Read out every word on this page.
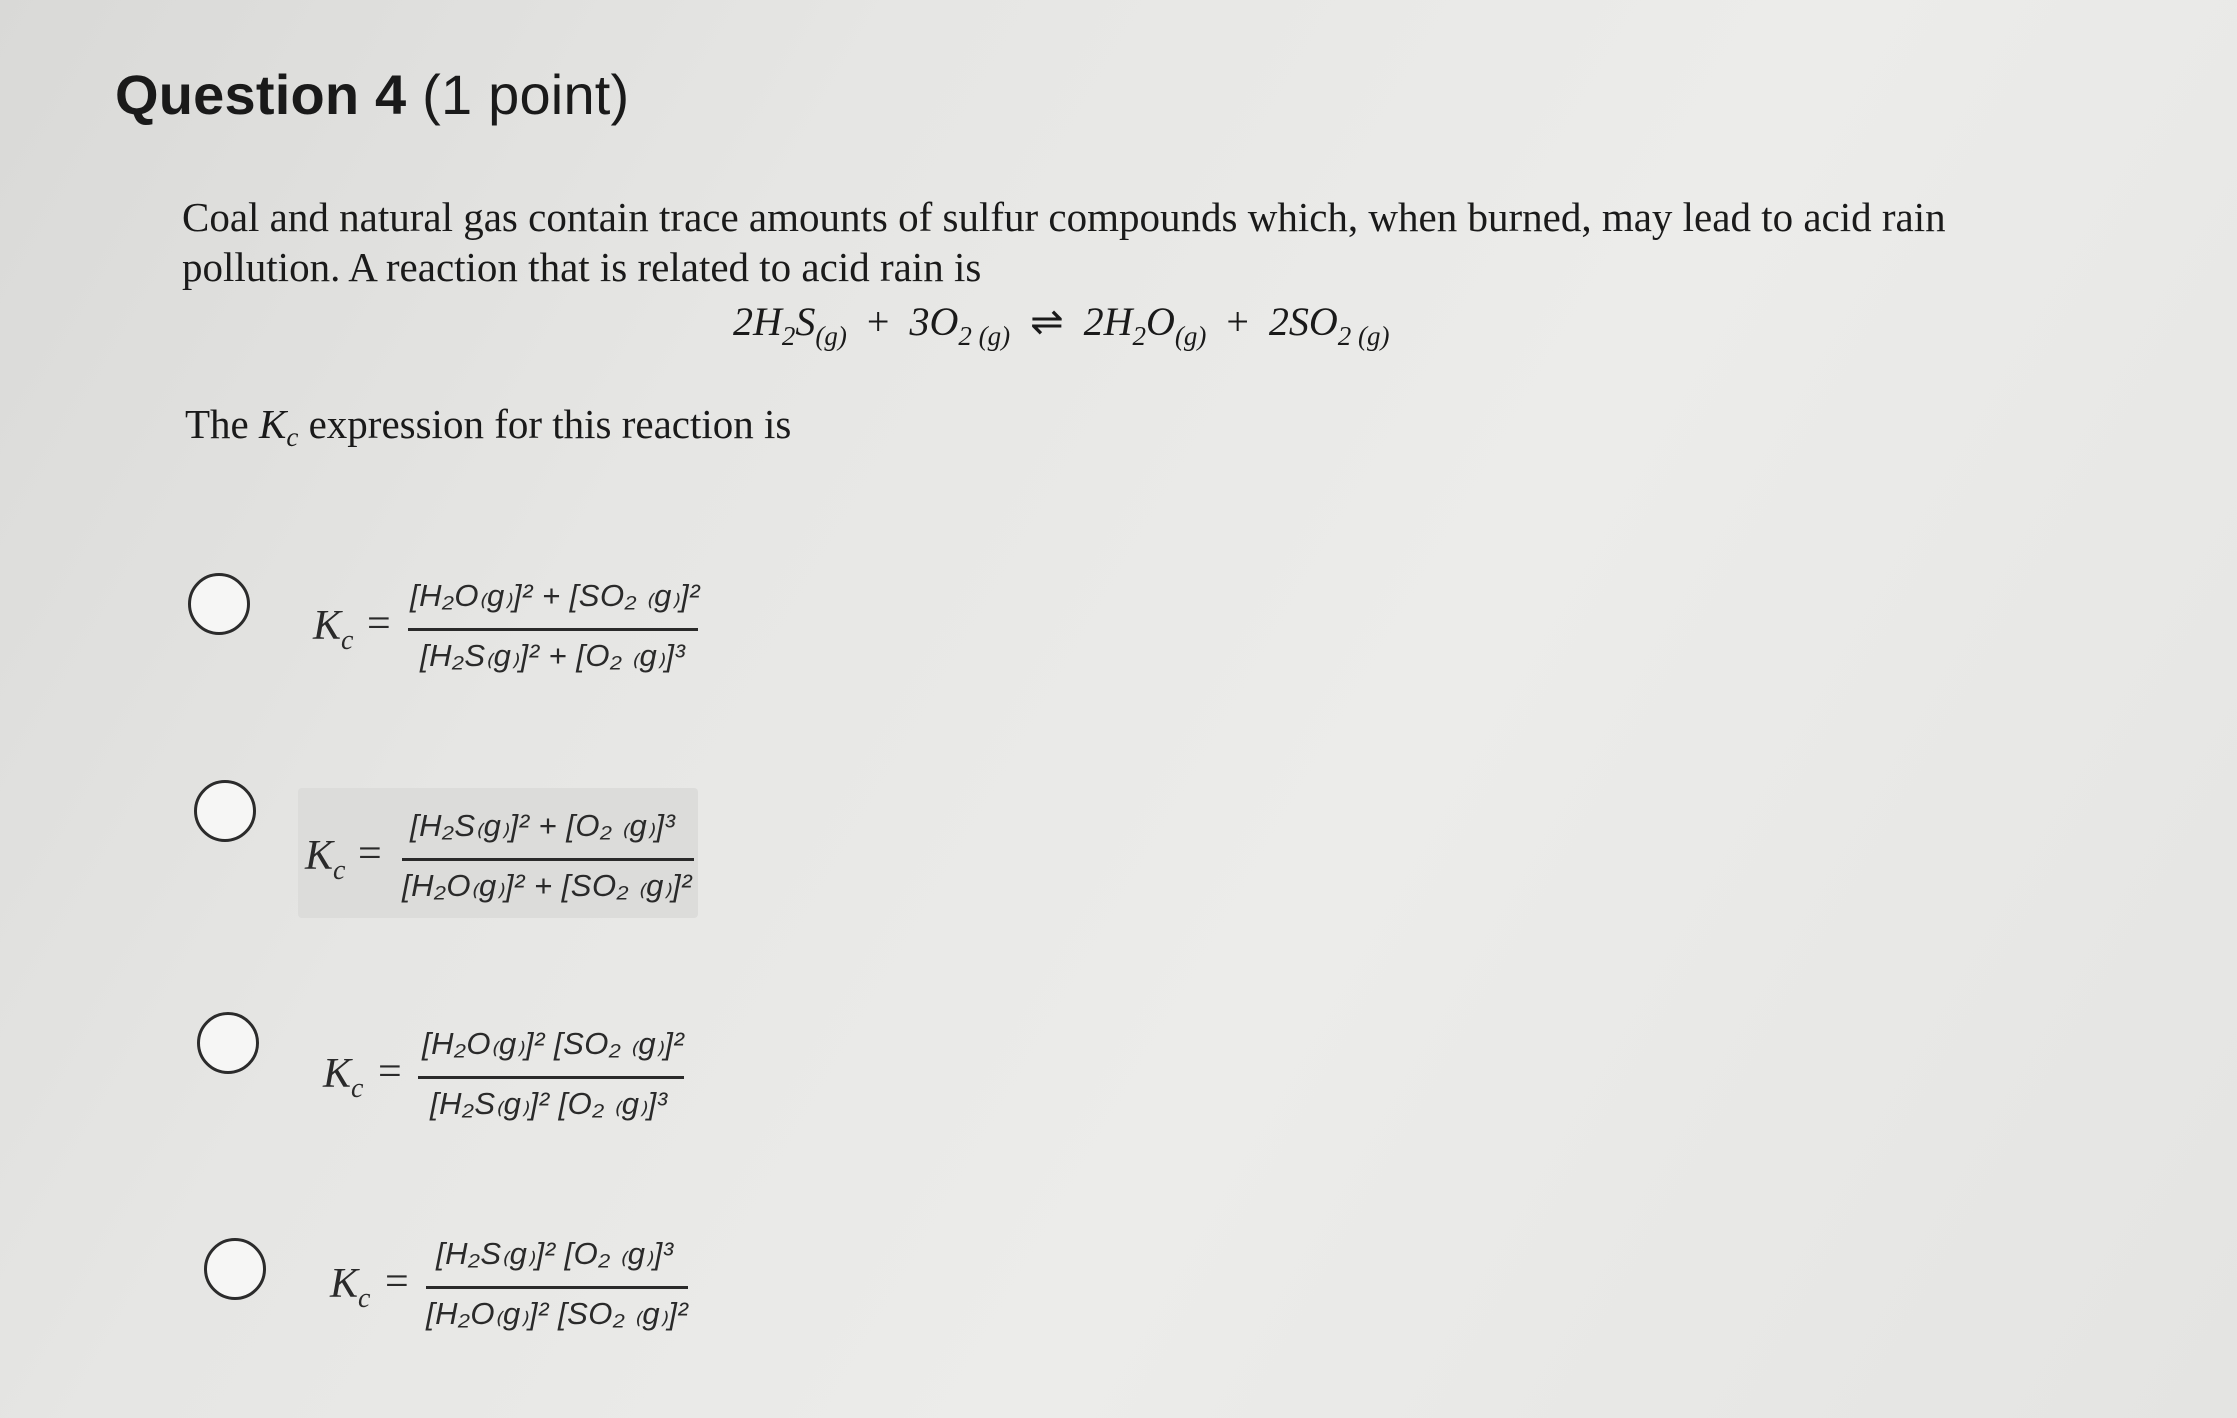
Question 4 (1 point)
Coal and natural gas contain trace amounts of sulfur compounds which, when burned, may lead to acid rain
pollution. A reaction that is related to acid rain is
$2H_2S_{(g)} + 3O_{2 (g)}$ ⇌ $2H_2O_{(g)} + 2SO_{2 (g)}$
The $K_c$ expression for this reaction is
$K_c$ =
[H₂O₍g₎]² + [SO₂ ₍g₎]²
[H₂S₍g₎]² + [O₂ ₍g₎]³
$K_c$ =
[H₂S₍g₎]² + [O₂ ₍g₎]³
[H₂O₍g₎]² + [SO₂ ₍g₎]²
$K_c$ =
[H₂O₍g₎]² [SO₂ ₍g₎]²
[H₂S₍g₎]² [O₂ ₍g₎]³
$K_c$ =
[H₂S₍g₎]² [O₂ ₍g₎]³
[H₂O₍g₎]² [SO₂ ₍g₎]²
